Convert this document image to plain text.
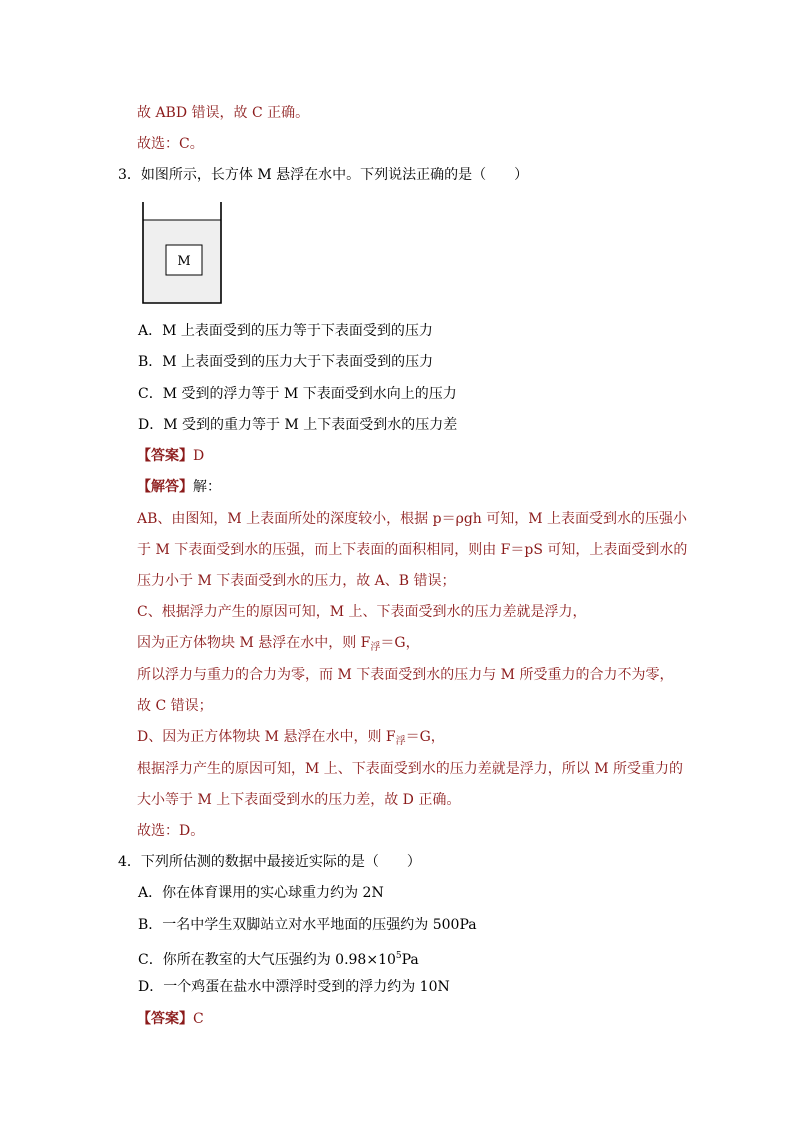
故 ABD 错误，故 C 正确。
故选：C。
3．如图所示，长方体 M 悬浮在水中。下列说法正确的是（　　）
M
A．M 上表面受到的压力等于下表面受到的压力
B．M 上表面受到的压力大于下表面受到的压力
C．M 受到的浮力等于 M 下表面受到水向上的压力
D．M 受到的重力等于 M 上下表面受到水的压力差
【答案】D
【解答】解：
AB、由图知，M 上表面所处的深度较小，根据 p＝ρgh 可知，M 上表面受到水的压强小
于 M 下表面受到水的压强，而上下表面的面积相同，则由 F＝pS 可知，上表面受到水的
压力小于 M 下表面受到水的压力，故 A、B 错误；
C、根据浮力产生的原因可知，M 上、下表面受到水的压力差就是浮力，
因为正方体物块 M 悬浮在水中，则 $F_浮=G$，
所以浮力与重力的合力为零，而 M 下表面受到水的压力与 M 所受重力的合力不为零，
故 C 错误；
D、因为正方体物块 M 悬浮在水中，则 $F_浮=G$，
根据浮力产生的原因可知，M 上、下表面受到水的压力差就是浮力，所以 M 所受重力的
大小等于 M 上下表面受到水的压力差，故 D 正确。
故选：D。
4．下列所估测的数据中最接近实际的是（　　）
A．你在体育课用的实心球重力约为 2N
B．一名中学生双脚站立对水平地面的压强约为 500Pa
C．你所在教室的大气压强约为 $0.98\times 10^5Pa$
D．一个鸡蛋在盐水中漂浮时受到的浮力约为 10N
【答案】C
